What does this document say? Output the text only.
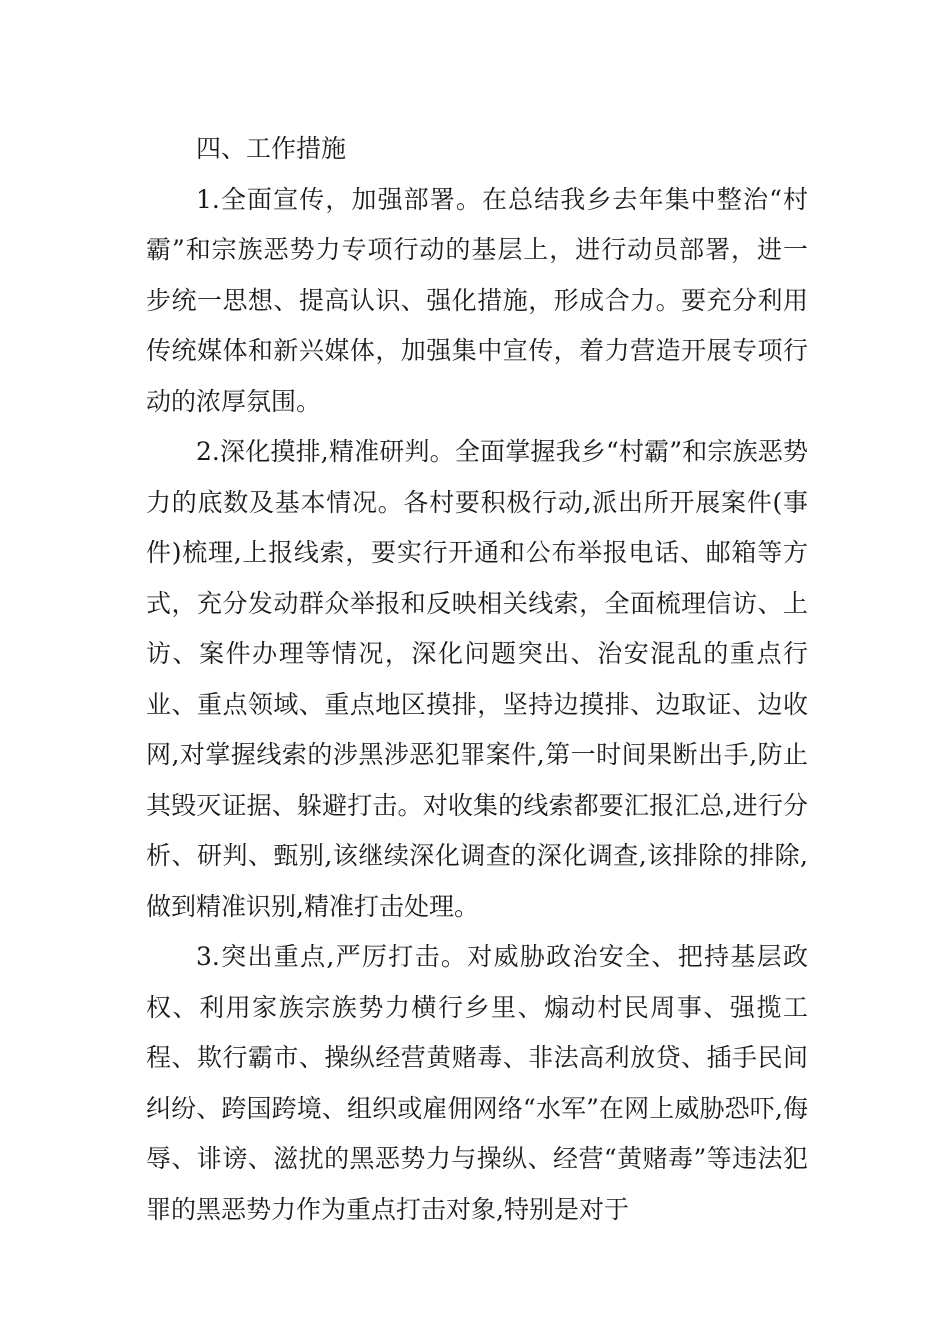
四、工作措施

1.全面宣传，加强部署。在总结我乡去年集中整治“村霸”和宗族恶势力专项行动的基层上，进行动员部署，进一步统一思想、提高认识、强化措施，形成合力。要充分利用传统媒体和新兴媒体，加强集中宣传，着力营造开展专项行动的浓厚氛围。

2.深化摸排,精准研判。全面掌握我乡“村霸”和宗族恶势力的底数及基本情况。各村要积极行动,派出所开展案件(事件)梳理,上报线索，要实行开通和公布举报电话、邮箱等方式，充分发动群众举报和反映相关线索，全面梳理信访、上访、案件办理等情况，深化问题突出、治安混乱的重点行业、重点领域、重点地区摸排，坚持边摸排、边取证、边收网,对掌握线索的涉黑涉恶犯罪案件,第一时间果断出手,防止其毁灭证据、躲避打击。对收集的线索都要汇报汇总,进行分析、研判、甄别,该继续深化调查的深化调查,该排除的排除,做到精准识别,精准打击处理。

3.突出重点,严厉打击。对威胁政治安全、把持基层政权、利用家族宗族势力横行乡里、煽动村民周事、强揽工程、欺行霸市、操纵经营黄赌毒、非法高利放贷、插手民间纠纷、跨国跨境、组织或雇佣网络“水军”在网上威胁恐吓,侮辱、诽谤、滋扰的黑恶势力与操纵、经营“黄赌毒”等违法犯罪的黑恶势力作为重点打击对象,特别是对于
